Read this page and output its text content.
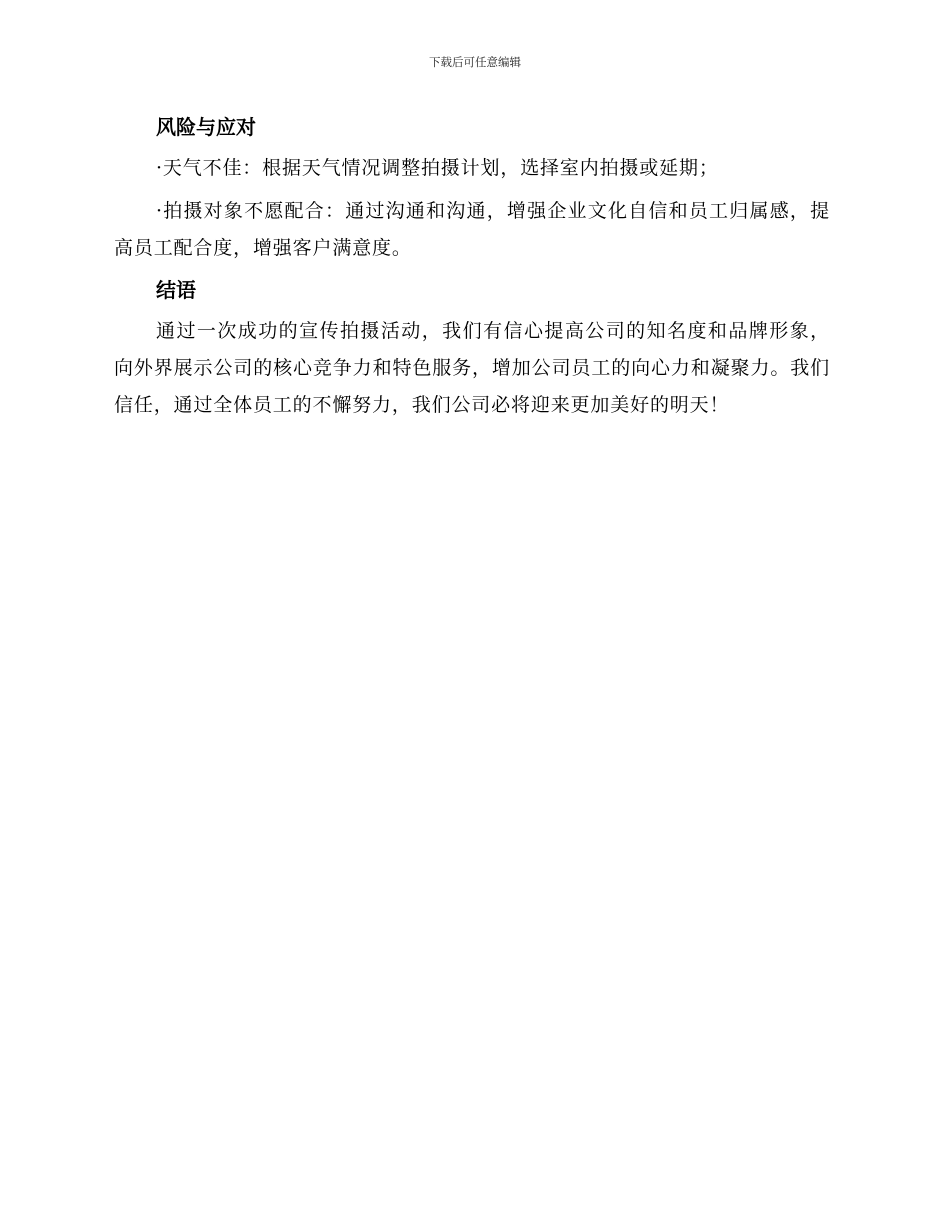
下载后可任意编辑
风险与应对

·天气不佳：根据天气情况调整拍摄计划，选择室内拍摄或延期；

·拍摄对象不愿配合：通过沟通和沟通，增强企业文化自信和员工归属感，提高员工配合度，增强客户满意度。

结语

通过一次成功的宣传拍摄活动，我们有信心提高公司的知名度和品牌形象，向外界展示公司的核心竞争力和特色服务，增加公司员工的向心力和凝聚力。我们信任，通过全体员工的不懈努力，我们公司必将迎来更加美好的明天！
